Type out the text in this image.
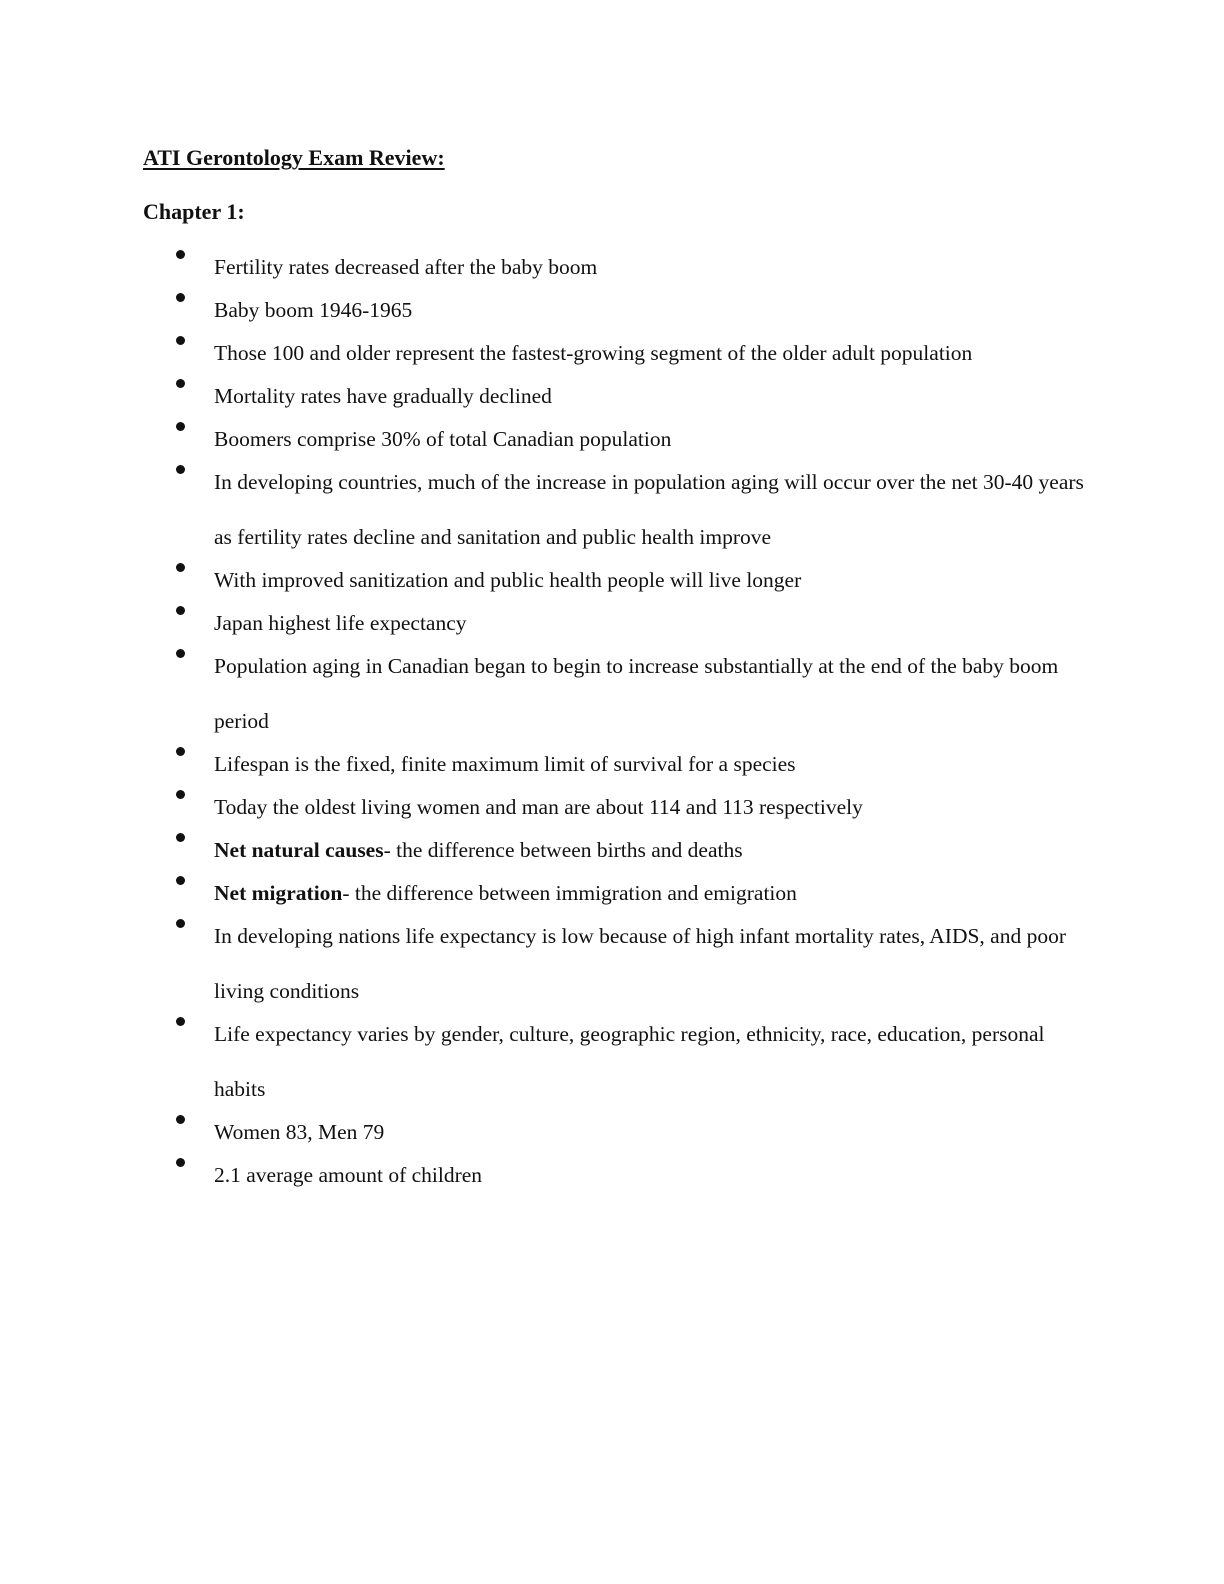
ATI Gerontology Exam Review:
Chapter 1:
Fertility rates decreased after the baby boom
Baby boom 1946-1965
Those 100 and older represent the fastest-growing segment of the older adult population
Mortality rates have gradually declined
Boomers comprise 30% of total Canadian population
In developing countries, much of the increase in population aging will occur over the net 30-40 years as fertility rates decline and sanitation and public health improve
With improved sanitization and public health people will live longer
Japan highest life expectancy
Population aging in Canadian began to begin to increase substantially at the end of the baby boom period
Lifespan is the fixed, finite maximum limit of survival for a species
Today the oldest living women and man are about 114 and 113 respectively
Net natural causes- the difference between births and deaths
Net migration- the difference between immigration and emigration
In developing nations life expectancy is low because of high infant mortality rates, AIDS, and poor living conditions
Life expectancy varies by gender, culture, geographic region, ethnicity, race, education, personal habits
Women 83, Men 79
2.1 average amount of children
